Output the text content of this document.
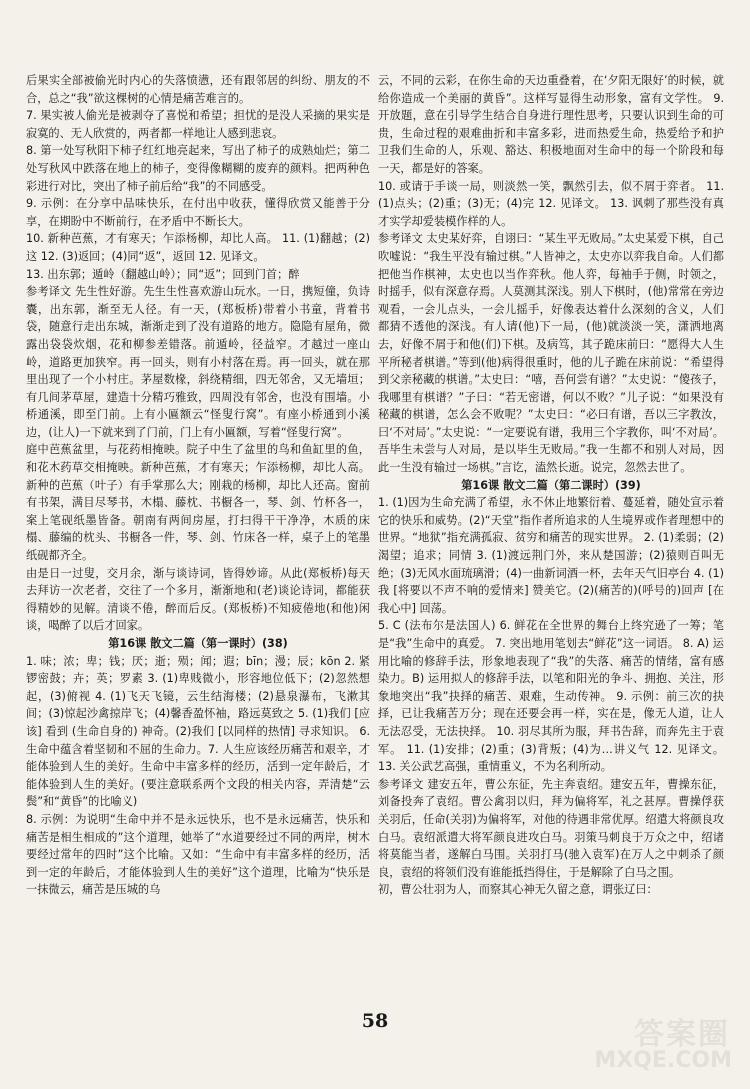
后果实全部被偷光时内心的失落愤懑，还有跟邻居的纠纷、朋友的不合，总之“我”欲这棵树的心情是痛苦难言的。

7. 果实被人偷光是被剥夺了喜悦和希望；担忧的是没人采摘的果实是寂寞的、无人欣赏的，两者都一样地让人感到悲哀。

8. 第一处写秋阳下柿子红红地亮起来，写出了柿子的成熟灿烂；第二处写秋风中跌落在地上的柿子，变得像糊糊的废弃的颜料。把两种色彩进行对比，突出了柿子前后给“我”的不同感受。

9. 示例：在分享中品味快乐，在付出中收获，懂得欣赏又能善于分享，在期盼中不断前行，在矛盾中不断长大。

10. 新种芭蕉，才有寒天；乍添杨柳，却比人高。 11. (1)翻越；(2)这 12. (3)返回；(4)同“返”，返回 12. 见译文。

13. 出东郭；遁岭（翻越山岭）；同“返”；回到门首；醉

参考译文 先生性好游。先生生性喜欢游山玩水。一日，携短僮，负诗囊，出东郭，渐至无人径。有一天，(郑板桥)带着小书童，背着书袋，随意行走出东城，渐渐走到了没有道路的地方。隐隐有屋角，微露出袋袋炊烟，花和柳参差错落。前遁岭，径益窄。才越过一座山岭，道路更加狭窄。再一回头，则有小村落在焉。再一回头，就在那里出现了一个小村庄。茅屋数椽，斜绕精细，四无邻舍，又无墙垣；有几间茅草屋，建造十分精巧雅致，四周没有邻舍，也没有围墙。小桥通溪，即至门前。上有小匾额云“怪叟行窝”。有座小桥通到小溪边，(让人)一下就来到了门前，门上有小匾额，写着“怪叟行窝”。

庭中芭蕉盆里，与花药相掩映。院子中生了盆里的鸟和鱼缸里的鱼，和花木药草交相掩映。新种芭蕉，才有寒天；乍添杨柳，却比人高。新种的芭蕉（叶子）有手掌那么大；刚栽的杨柳，却比人还高。窗前有书架，满目尽琴书，木榻、藤枕、书橱各一，琴、剑、竹杯各一，案上笔砚纸墨皆备。朝南有两间房屋，打扫得干干净净，木质的床榻、藤编的枕头、书橱各一件，琴、剑、竹床各一样，桌子上的笔墨纸砚都齐全。

由是日一过叟，交月余，渐与谈诗词，皆得妙谛。从此(郑板桥)每天去拜访一次老者，交往了一个多月，渐渐地和(老)谈论诗词，都能获得精妙的见解。清谈不倦，醉而后反。(郑板桥)不知疲倦地(和他)闲谈，喝醉了以后才回家。

第16课 散文二篇（第一课时）(38)

1. 味；浓；卑；钱；厌；逝；殒；闻；遐；bīn；漫；辰；kōn 2. 紧锣密鼓；卉；英；罗素 3. (1)卑贱微小，形容地位低下；(2)忽然想起，(3)俯视 4. (1)飞天飞镜，云生结海楼；(2)悬泉瀑布，飞漱其间；(3)惊起沙禽掠岸飞；(4)馨香盈怀袖，路远莫致之 5. (1)我们 [应该] 看到 (生命自身的) 神奇。(2)我们 [以同样的热情] 寻求知识。 6. 生命中蕴含着坚韧和不屈的生命力。7. 人生应该经历痛苦和艰辛，才能体验到人生的美好。生命中丰富多样的经历，活到一定年龄后，才能体验到人生的美好。(要注意联系两个文段的相关内容，弄清楚“云鬓”和“黄昏”的比喻义)

8. 示例：为说明“生命中并不是永远快乐，也不是永远痛苦，快乐和痛苦是相生相成的”这个道理，她举了“水道要经过不同的两岸，树木要经过常年的四时”这个比喻。又如：“生命中有丰富多样的经历，活到一定的年龄后，才能体验到人生的美好”这个道理，比喻为“快乐是一抹微云，痛苦是压城的乌

云，不同的云彩，在你生命的天边重叠着，在‘夕阳无限好’的时候，就给你造成一个美丽的黄昏”。这样写显得生动形象，富有文学性。 9. 开放题，意在引导学生结合自身进行理性思考，只要认识到生命的可贵，生命过程的艰难曲折和丰富多彩，进而热爱生命，热爱给予和护卫我们生命的人，乐观、豁达、积极地面对生命中的每一个阶段和每一天，都是好的答案。

10. 或请于手谈一局，则淡然一笑，飘然引去，似不屑于弈者。 11. (1)点头；(2)重；(3)无；(4)完 12. 见译文。 13. 讽刺了那些没有真才实学却爱装模作样的人。

参考译文 太史某好弈，自诩曰：“某生平无败局。”太史某爱下棋，自己吹嘘说：“我生平没有输过棋。”人皆神之，太史亦以弈我自命。人们都把他当作棋神，太史也以当作弈秋。他人弈，每袖手于侧，时领之，时摇手，似有深意存焉。人莫测其深浅。别人下棋时，(他)常常在旁边观看，一会儿点头，一会儿摇手，好像表达着什么深刻的含义，人们都猜不透他的深浅。有人请(他)下一局，(他)就淡淡一笑，潇洒地离去，好像不屑于和他(们)下棋。及病笃，其子跪床前曰：“愿得大人生平所秘者棋谱。”等到(他)病得很重时，他的儿子跪在床前说：“希望得到父亲秘藏的棋谱。”太史曰：“嘻，吾何尝有谱？”太史说：“傻孩子，我哪里有棋谱？”子曰：“若无密谱，何以不败？”儿子说：“如果没有秘藏的棋谱，怎么会不败呢？”太史曰：“必曰有谱，吾以三字教汝，曰‘不对局’。”太史说：“一定要说有谱，我用三个字教你，叫‘不对局’。吾毕生未尝与人对局，是以毕生无败局。”我一生都不和别人对局，因此一生没有输过一场棋。”言讫，溘然长逝。说完，忽然去世了。

第16课 散文二篇（第二课时）(39)

1. (1)因为生命充满了希望，永不休止地繁衍着、蔓延着，随处宣示着它的快乐和威势。(2)“天堂”指作者所追求的人生境界或作者理想中的世界。“地狱”指充满孤寂、贫穷和痛苦的现实世界。 2. (1)柔弱；(2)渴望；追求；同情 3. (1)渡远荆门外，来从楚国游；(2)猿则百叫无绝；(3)无风水面琉璃滑；(4)一曲新词酒一杯，去年天气旧亭台 4. (1)我 [将要以不声不响的爱情来] 赞美它。(2)(痛苦的)(呼号的)回声 [在我心中] 回荡。

5. C (法布尔是法国人) 6. 鲜花在全世界的舞台上终究逊了一筹；笔是“我”生命中的真爱。 7. 突出地用笔划去“鲜花”这一词语。 8. A) 运用比喻的修辞手法，形象地表现了“我”的失落、痛苦的情绪，富有感染力。B) 运用拟人的修辞手法，以笔和阳光的争斗、拥抱、关注，形象地突出“我”抉择的痛苦、艰难，生动传神。 9. 示例：前三次的抉择，已让我痛苦万分；现在还要会再一样，实在是，像无人道，让人无法忍受，无法抉择。 10. 羽尽其所为服，拜书告辞，而奔先主于袁军。 11. (1)安排；(2)重；(3)背叛；(4)为…讲义气 12. 见译文。 13. 关公武艺高强，重情重义，不为名利所动。

参考译文 建安五年，曹公东征，先主奔袁绍。建安五年，曹操东征，刘备投奔了袁绍。曹公禽羽以归，拜为偏将军，礼之甚厚。曹操俘获关羽后，任命(关羽)为偏将军，对他的待遇非常优厚。绍遣大将颜良攻白马。袁绍派遣大将军颜良进攻白马。羽策马刺良于万众之中，绍诸将莫能当者，遂解白马围。关羽打马(驰入袁军)在万人之中刺杀了颜良，袁绍的将领们没有谁能抵挡得住，于是解除了白马之围。

初，曹公壮羽为人，而察其心神无久留之意，谓张辽曰：

58	答案圈
MXQE.COM
